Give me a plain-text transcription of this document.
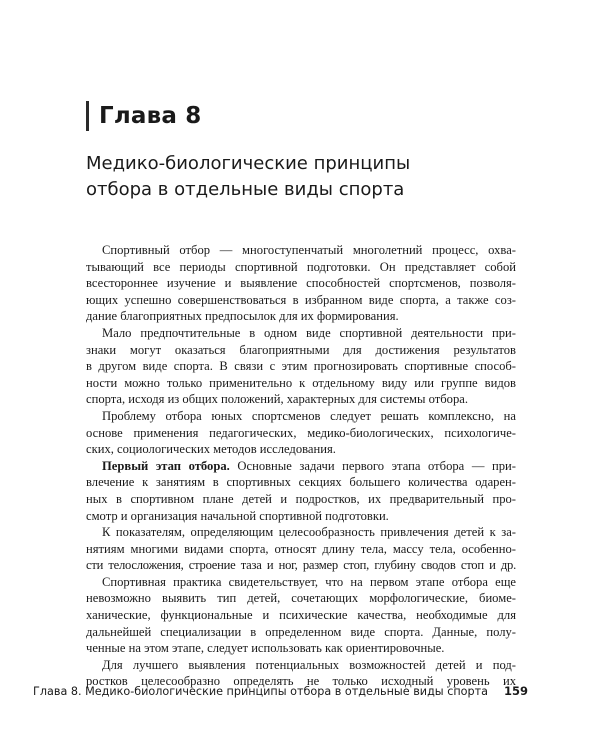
Глава 8
Медико-биологические принципы
отбора в отдельные виды спорта

Спортивный отбор — многоступенчатый многолетний процесс, охва-
тывающий все периоды спортивной подготовки. Он представляет собой
всестороннее изучение и выявление способностей спортсменов, позволя-
ющих успешно совершенствоваться в избранном виде спорта, а также соз-
дание благоприятных предпосылок для их формирования.

Мало предпочтительные в одном виде спортивной деятельности при-
знаки могут оказаться благоприятными для достижения результатов
в другом виде спорта. В связи с этим прогнозировать спортивные способ-
ности можно только применительно к отдельному виду или группе видов
спорта, исходя из общих положений, характерных для системы отбора.

Проблему отбора юных спортсменов следует решать комплексно, на
основе применения педагогических, медико-биологических, психологиче-
ских, социологических методов исследования.

Первый этап отбора. Основные задачи первого этапа отбора — при-
влечение к занятиям в спортивных секциях большего количества одарен-
ных в спортивном плане детей и подростков, их предварительный про-
смотр и организация начальной спортивной подготовки.

К показателям, определяющим целесообразность привлечения детей к за-
нятиям многими видами спорта, относят длину тела, массу тела, особенно-
сти телосложения, строение таза и ног, размер стоп, глубину сводов стоп и др.

Спортивная практика свидетельствует, что на первом этапе отбора еще
невозможно выявить тип детей, сочетающих морфологические, биоме-
ханические, функциональные и психические качества, необходимые для
дальнейшей специализации в определенном виде спорта. Данные, полу-
ченные на этом этапе, следует использовать как ориентировочные.

Для лучшего выявления потенциальных возможностей детей и под-
ростков целесообразно определять не только исходный уровень их

Глава 8. Медико-биологические принципы отбора в отдельные виды спорта 159
